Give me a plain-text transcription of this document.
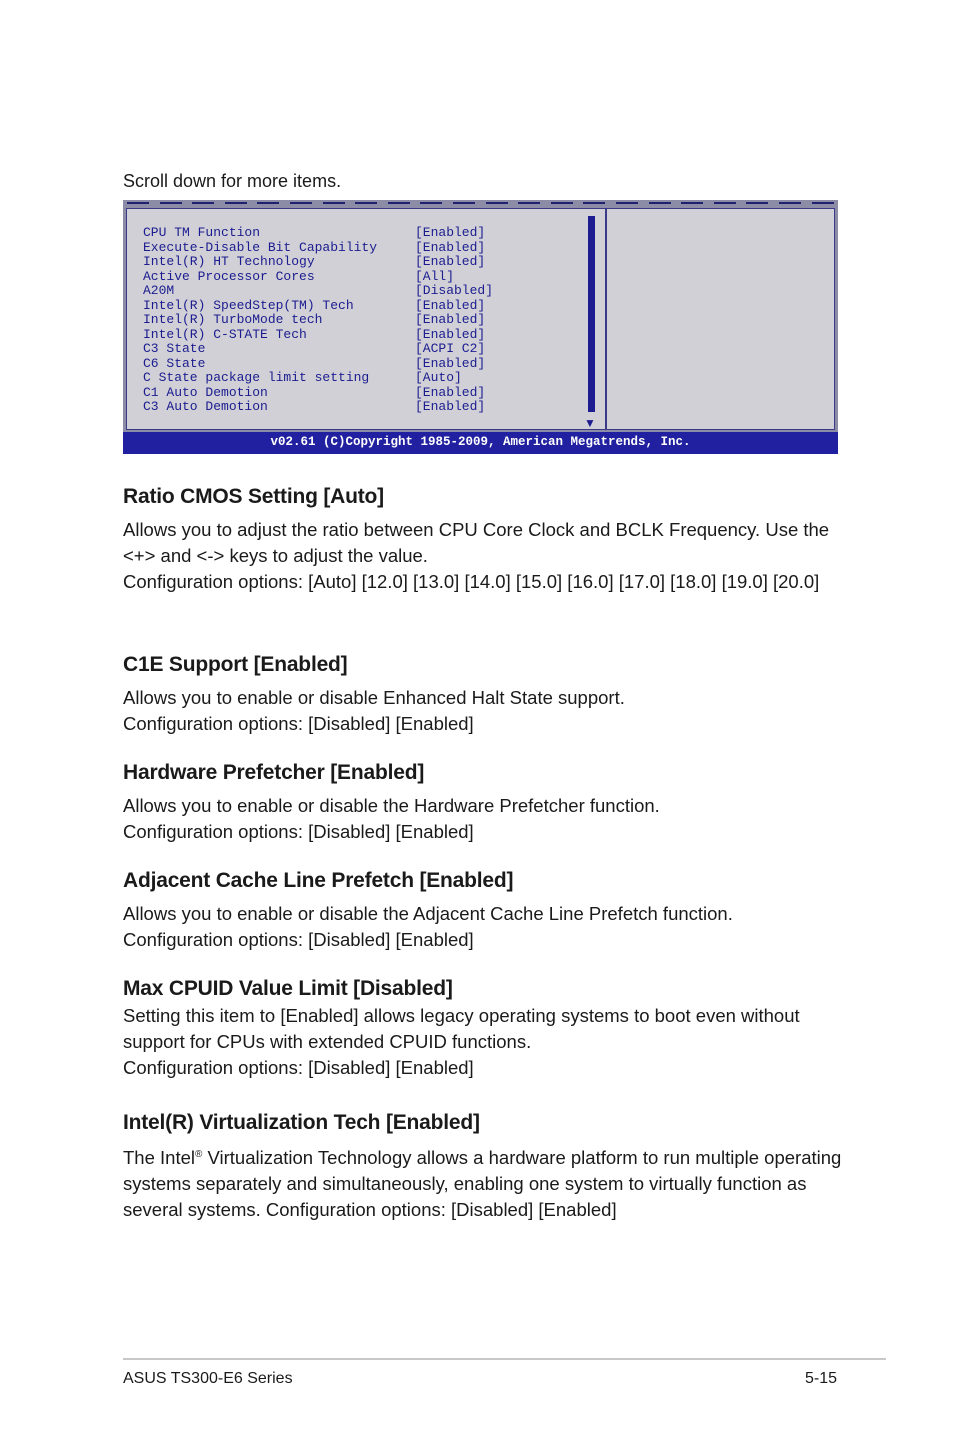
Scroll down for more items.
CPU TM Function	[Enabled]
Execute-Disable Bit Capability	[Enabled]
Intel(R) HT Technology	[Enabled]
Active Processor Cores	[All]
A20M	[Disabled]
Intel(R) SpeedStep(TM) Tech	[Enabled]
Intel(R) TurboMode tech	[Enabled]
Intel(R) C-STATE Tech	[Enabled]
C3 State	[ACPI C2]
C6 State	[Enabled]
C State package limit setting	[Auto]
C1 Auto Demotion	[Enabled]
C3 Auto Demotion	[Enabled]
▼
v02.61 (C)Copyright 1985-2009, American Megatrends, Inc.
Ratio CMOS Setting [Auto]

Allows you to adjust the ratio between CPU Core Clock and BCLK Frequency. Use the <+> and <-> keys to adjust the value.

Configuration options: [Auto] [12.0] [13.0] [14.0] [15.0] [16.0] [17.0] [18.0] [19.0] [20.0]

C1E Support [Enabled]

Allows you to enable or disable Enhanced Halt State support.

Configuration options: [Disabled] [Enabled]

Hardware Prefetcher [Enabled]

Allows you to enable or disable the Hardware Prefetcher function.

Configuration options: [Disabled] [Enabled]

Adjacent Cache Line Prefetch [Enabled]

Allows you to enable or disable the Adjacent Cache Line Prefetch function.

Configuration options: [Disabled] [Enabled]

Max CPUID Value Limit [Disabled]

Setting this item to [Enabled] allows legacy operating systems to boot even without support for CPUs with extended CPUID functions.

Configuration options: [Disabled] [Enabled]

Intel(R) Virtualization Tech [Enabled]

The Intel® Virtualization Technology allows a hardware platform to run multiple operating systems separately and simultaneously, enabling one system to virtually function as several systems. Configuration options: [Disabled] [Enabled]

ASUS TS300-E6 Series	5-15
